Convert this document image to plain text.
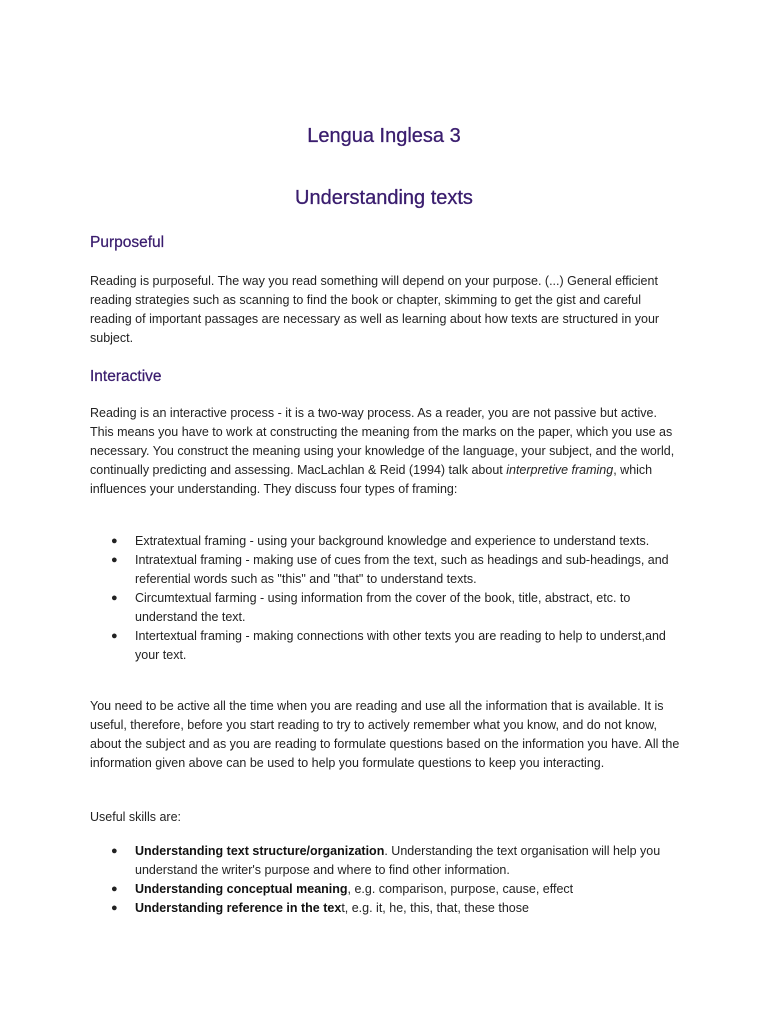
Lengua Inglesa 3
Understanding texts
Purposeful

Reading is purposeful. The way you read something will depend on your purpose. (...) General efficient reading strategies such as scanning to find the book or chapter, skimming to get the gist and careful reading of important passages are necessary as well as learning about how texts are structured in your subject.

Interactive

Reading is an interactive process - it is a two-way process. As a reader, you are not passive but active. This means you have to work at constructing the meaning from the marks on the paper, which you use as necessary. You construct the meaning using your knowledge of the language, your subject, and the world, continually predicting and assessing. MacLachlan & Reid (1994) talk about interpretive framing, which influences your understanding. They discuss four types of framing:

● Extratextual framing - using your background knowledge and experience to understand texts.
● Intratextual framing - making use of cues from the text, such as headings and sub-headings, and referential words such as "this" and "that" to understand texts.
● Circumtextual farming - using information from the cover of the book, title, abstract, etc. to understand the text.
● Intertextual framing - making connections with other texts you are reading to help to underst,and your text.

You need to be active all the time when you are reading and use all the information that is available. It is useful, therefore, before you start reading to try to actively remember what you know, and do not know, about the subject and as you are reading to formulate questions based on the information you have. All the information given above can be used to help you formulate questions to keep you interacting.

Useful skills are:

● Understanding text structure/organization. Understanding the text organisation will help you understand the writer's purpose and where to find other information.
● Understanding conceptual meaning, e.g. comparison, purpose, cause, effect
● Understanding reference in the text, e.g. it, he, this, that, these those
